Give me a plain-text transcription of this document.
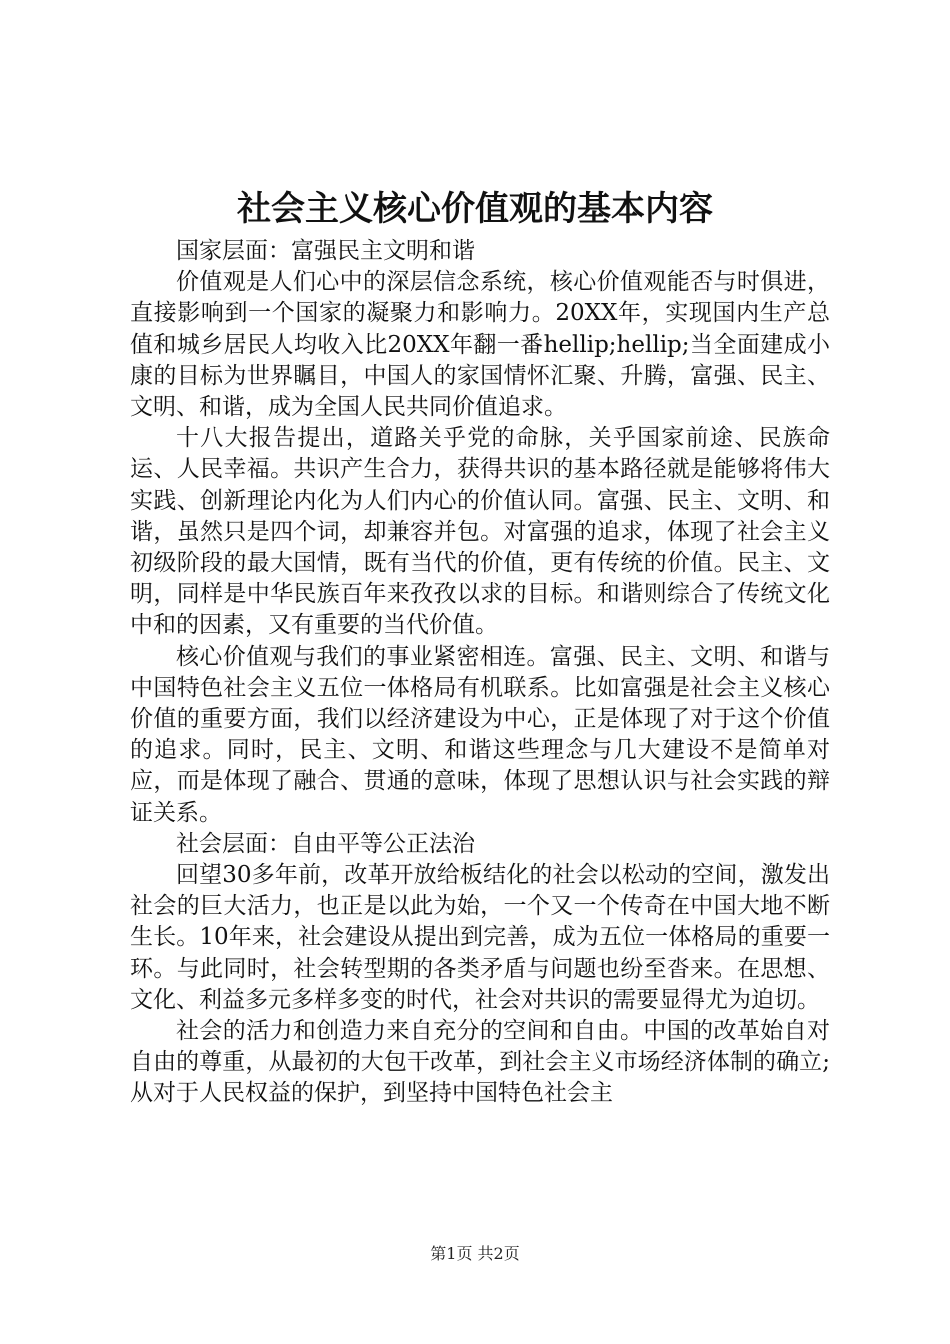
社会主义核心价值观的基本内容

国家层面：富强民主文明和谐

价值观是人们心中的深层信念系统，核心价值观能否与时俱进，直接影响到一个国家的凝聚力和影响力。20XX年，实现国内生产总值和城乡居民人均收入比20XX年翻一番hellip;hellip;当全面建成小康的目标为世界瞩目，中国人的家国情怀汇聚、升腾，富强、民主、文明、和谐，成为全国人民共同价值追求。

十八大报告提出，道路关乎党的命脉，关乎国家前途、民族命运、人民幸福。共识产生合力，获得共识的基本路径就是能够将伟大实践、创新理论内化为人们内心的价值认同。富强、民主、文明、和谐，虽然只是四个词，却兼容并包。对富强的追求，体现了社会主义初级阶段的最大国情，既有当代的价值，更有传统的价值。民主、文明，同样是中华民族百年来孜孜以求的目标。和谐则综合了传统文化中和的因素，又有重要的当代价值。

核心价值观与我们的事业紧密相连。富强、民主、文明、和谐与中国特色社会主义五位一体格局有机联系。比如富强是社会主义核心价值的重要方面，我们以经济建设为中心，正是体现了对于这个价值的追求。同时，民主、文明、和谐这些理念与几大建设不是简单对应，而是体现了融合、贯通的意味，体现了思想认识与社会实践的辩证关系。

社会层面：自由平等公正法治

回望30多年前，改革开放给板结化的社会以松动的空间，激发出社会的巨大活力，也正是以此为始，一个又一个传奇在中国大地不断生长。10年来，社会建设从提出到完善，成为五位一体格局的重要一环。与此同时，社会转型期的各类矛盾与问题也纷至沓来。在思想、文化、利益多元多样多变的时代，社会对共识的需要显得尤为迫切。

社会的活力和创造力来自充分的空间和自由。中国的改革始自对自由的尊重，从最初的大包干改革，到社会主义市场经济体制的确立;从对于人民权益的保护，到坚持中国特色社会主

第1页 共2页
